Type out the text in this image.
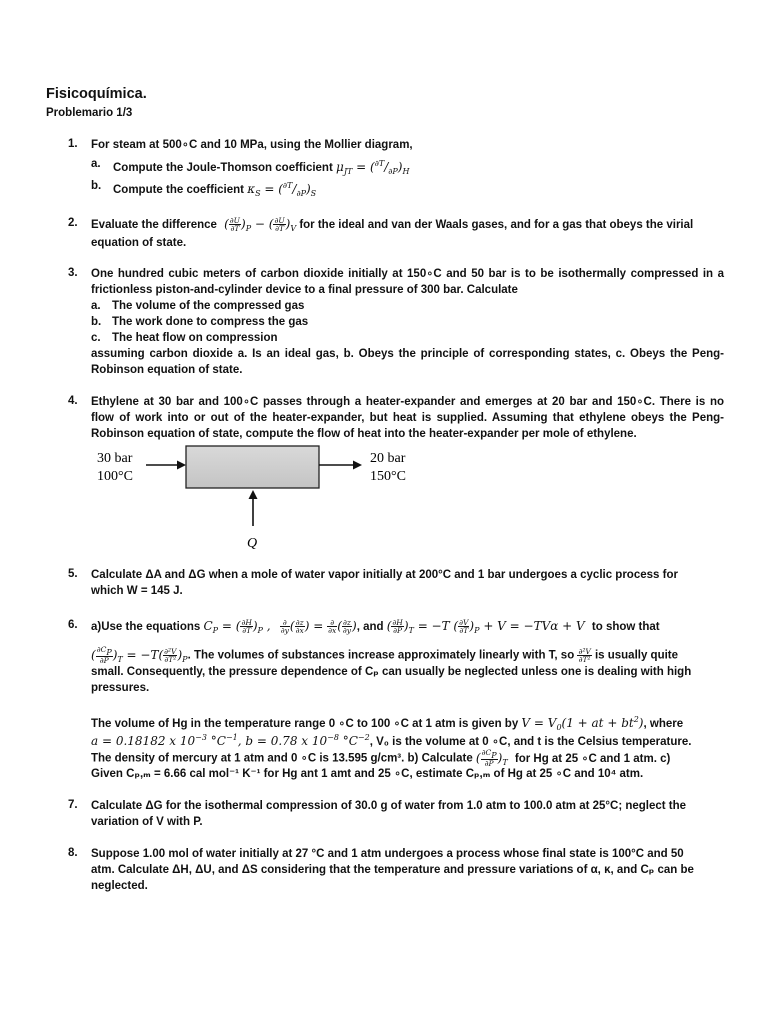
Fisicoquímica.
Problemario 1/3
1. For steam at 500∘C and 10 MPa, using the Mollier diagram,
a. Compute the Joule-Thomson coefficient $\mu_{JT} = (^{\partial T}/_{\partial P})_H$
b. Compute the coefficient $\kappa_S = (^{\partial T}/_{\partial P})_S$
2. Evaluate the difference ( $\frac{\partial U}{\partial T} )_P$ − ( $\frac{\partial U}{\partial T} )_V$ for the ideal and van der Waals gases, and for a gas that obeys the virial
equation of state.
3. One hundred cubic meters of carbon dioxide initially at 150∘C and 50 bar is to be isothermally compressed in a
frictionless piston-and-cylinder device to a final pressure of 300 bar. Calculate
a. The volume of the compressed gas
b. The work done to compress the gas
c. The heat flow on compression
assuming carbon dioxide a. Is an ideal gas, b. Obeys the principle of corresponding states, c. Obeys the Peng-
Robinson equation of state.
4. Ethylene at 30 bar and 100∘C passes through a heater-expander and emerges at 20 bar and 150∘C. There is no
flow of work into or out of the heater-expander, but heat is supplied. Assuming that ethylene obeys the Peng-
Robinson equation of state, compute the flow of heat into the heater-expander per mole of ethylene.
30 bar
100°C
20 bar
150°C
Q
5. Calculate ΔA and ΔG when a mole of water vapor initially at 200°C and 1 bar undergoes a cyclic process for
which W = 145 J.
6. a)Use the equations $C_P$ = ( $\frac{\partial H}{\partial T} )_P$ , $\frac{\partial}{\partial y}$ ( $\frac{\partial z}{\partial x}$ ) = $\frac{\partial}{\partial x}$ ( $\frac{\partial z}{\partial y}$ ), and ( $\frac{\partial H}{\partial P} )_T = -T$ ( $\frac{\partial V}{\partial T} )_P + V = -TV\alpha + V$ to show that
( $\frac{\partial CP}{\partial P} )_T = -T( \frac{\text{∂²V}}{\text{∂T²}} )_P$. The volumes of substances increase approximately linearly with T, so $\frac{\text{∂²V}}{\text{∂T²}}$ is usually quite
small. Consequently, the pressure dependence of Cₚ can usually be neglected unless one is dealing with high
pressures.
The volume of Hg in the temperature range 0 ∘C to 100 ∘C at 1 atm is given by $V = V_0(1$ + at + $bt^2$), where
a = 0.18182 x $10^{-3}$ $^\circ C^{-1}$, b = 0.78 x $10^{-8}$ $^\circ C^{-2}$, V₀ is the volume at 0 ∘C, and t is the Celsius temperature.
The density of mercury at 1 atm and 0 ∘C is 13.595 g/cm³. b) Calculate ( $\frac{\partial CP}{\partial P} )_T$ for Hg at 25 ∘C and 1 atm. c)
Given Cₚ,ₘ = 6.66 cal mol⁻¹ K⁻¹ for Hg ant 1 amt and 25 ∘C, estimate Cₚ,ₘ of Hg at 25 ∘C and 10⁴ atm.
7. Calculate ΔG for the isothermal compression of 30.0 g of water from 1.0 atm to 100.0 atm at 25°C; neglect the
variation of V with P.
8. Suppose 1.00 mol of water initially at 27 °C and 1 atm undergoes a process whose final state is 100°C and 50
atm. Calculate ΔH, ΔU, and ΔS considering that the temperature and pressure variations of α, κ, and Cₚ can be
neglected.
